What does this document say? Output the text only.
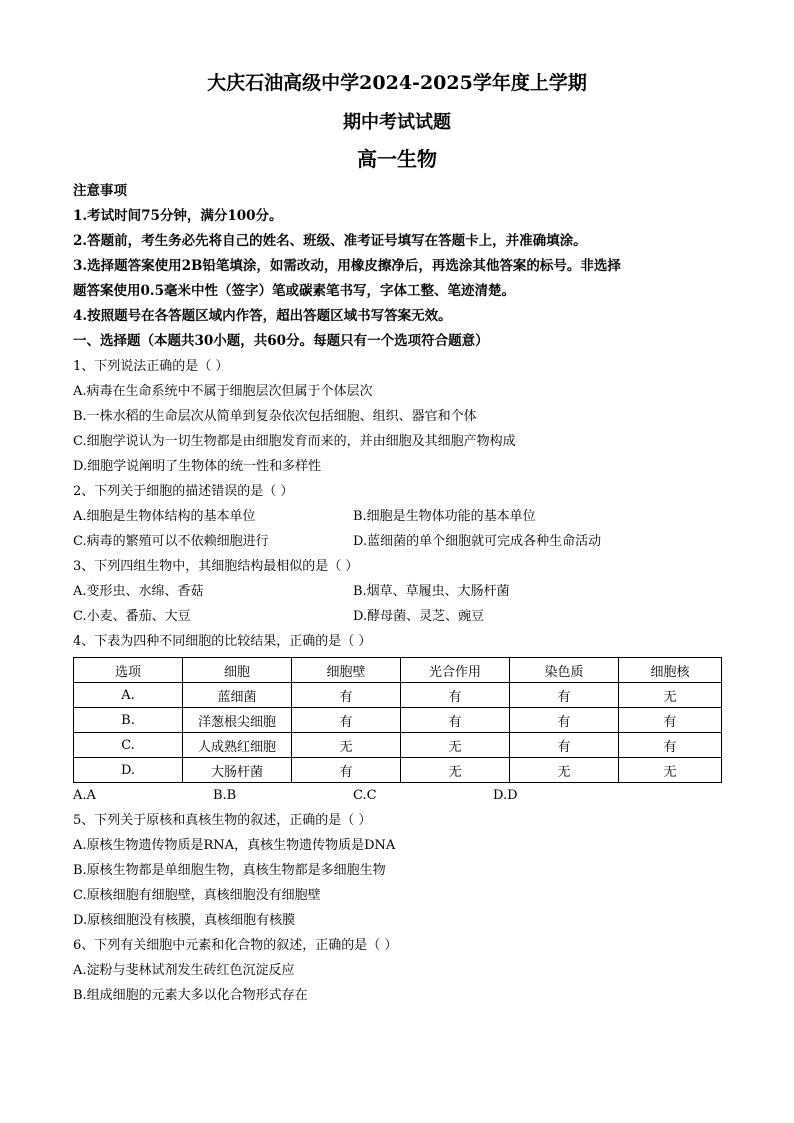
大庆石油高级中学2024-2025学年度上学期
期中考试试题
高一生物
注意事项
1.考试时间75分钟，满分100分。
2.答题前，考生务必先将自己的姓名、班级、准考证号填写在答题卡上，并准确填涂。
3.选择题答案使用2B铅笔填涂，如需改动，用橡皮擦净后，再选涂其他答案的标号。非选择
题答案使用0.5毫米中性（签字）笔或碳素笔书写，字体工整、笔迹清楚。
4.按照题号在各答题区域内作答，超出答题区域书写答案无效。
一、选择题（本题共30小题，共60分。每题只有一个选项符合题意）
1、下列说法正确的是（ ）
A.病毒在生命系统中不属于细胞层次但属于个体层次
B.一株水稻的生命层次从简单到复杂依次包括细胞、组织、器官和个体
C.细胞学说认为一切生物都是由细胞发育而来的，并由细胞及其细胞产物构成
D.细胞学说阐明了生物体的统一性和多样性
2、下列关于细胞的描述错误的是（ ）
A.细胞是生物体结构的基本单位	B.细胞是生物体功能的基本单位
C.病毒的繁殖可以不依赖细胞进行	D.蓝细菌的单个细胞就可完成各种生命活动
3、下列四组生物中，其细胞结构最相似的是（ ）
A.变形虫、水绵、香菇	B.烟草、草履虫、大肠杆菌
C.小麦、番茄、大豆	D.酵母菌、灵芝、豌豆
4、下表为四种不同细胞的比较结果，正确的是（ ）
选项	细胞	细胞壁	光合作用	染色质	细胞核
A.	蓝细菌	有	有	有	无
B.	洋葱根尖细胞	有	有	有	有
C.	人成熟红细胞	无	无	有	有
D.	大肠杆菌	有	无	无	无
A.A	B.B	C.C	D.D
5、下列关于原核和真核生物的叙述，正确的是（ ）
A.原核生物遗传物质是RNA，真核生物遗传物质是DNA
B.原核生物都是单细胞生物，真核生物都是多细胞生物
C.原核细胞有细胞壁，真核细胞没有细胞壁
D.原核细胞没有核膜，真核细胞有核膜
6、下列有关细胞中元素和化合物的叙述，正确的是（ ）
A.淀粉与斐林试剂发生砖红色沉淀反应
B.组成细胞的元素大多以化合物形式存在
